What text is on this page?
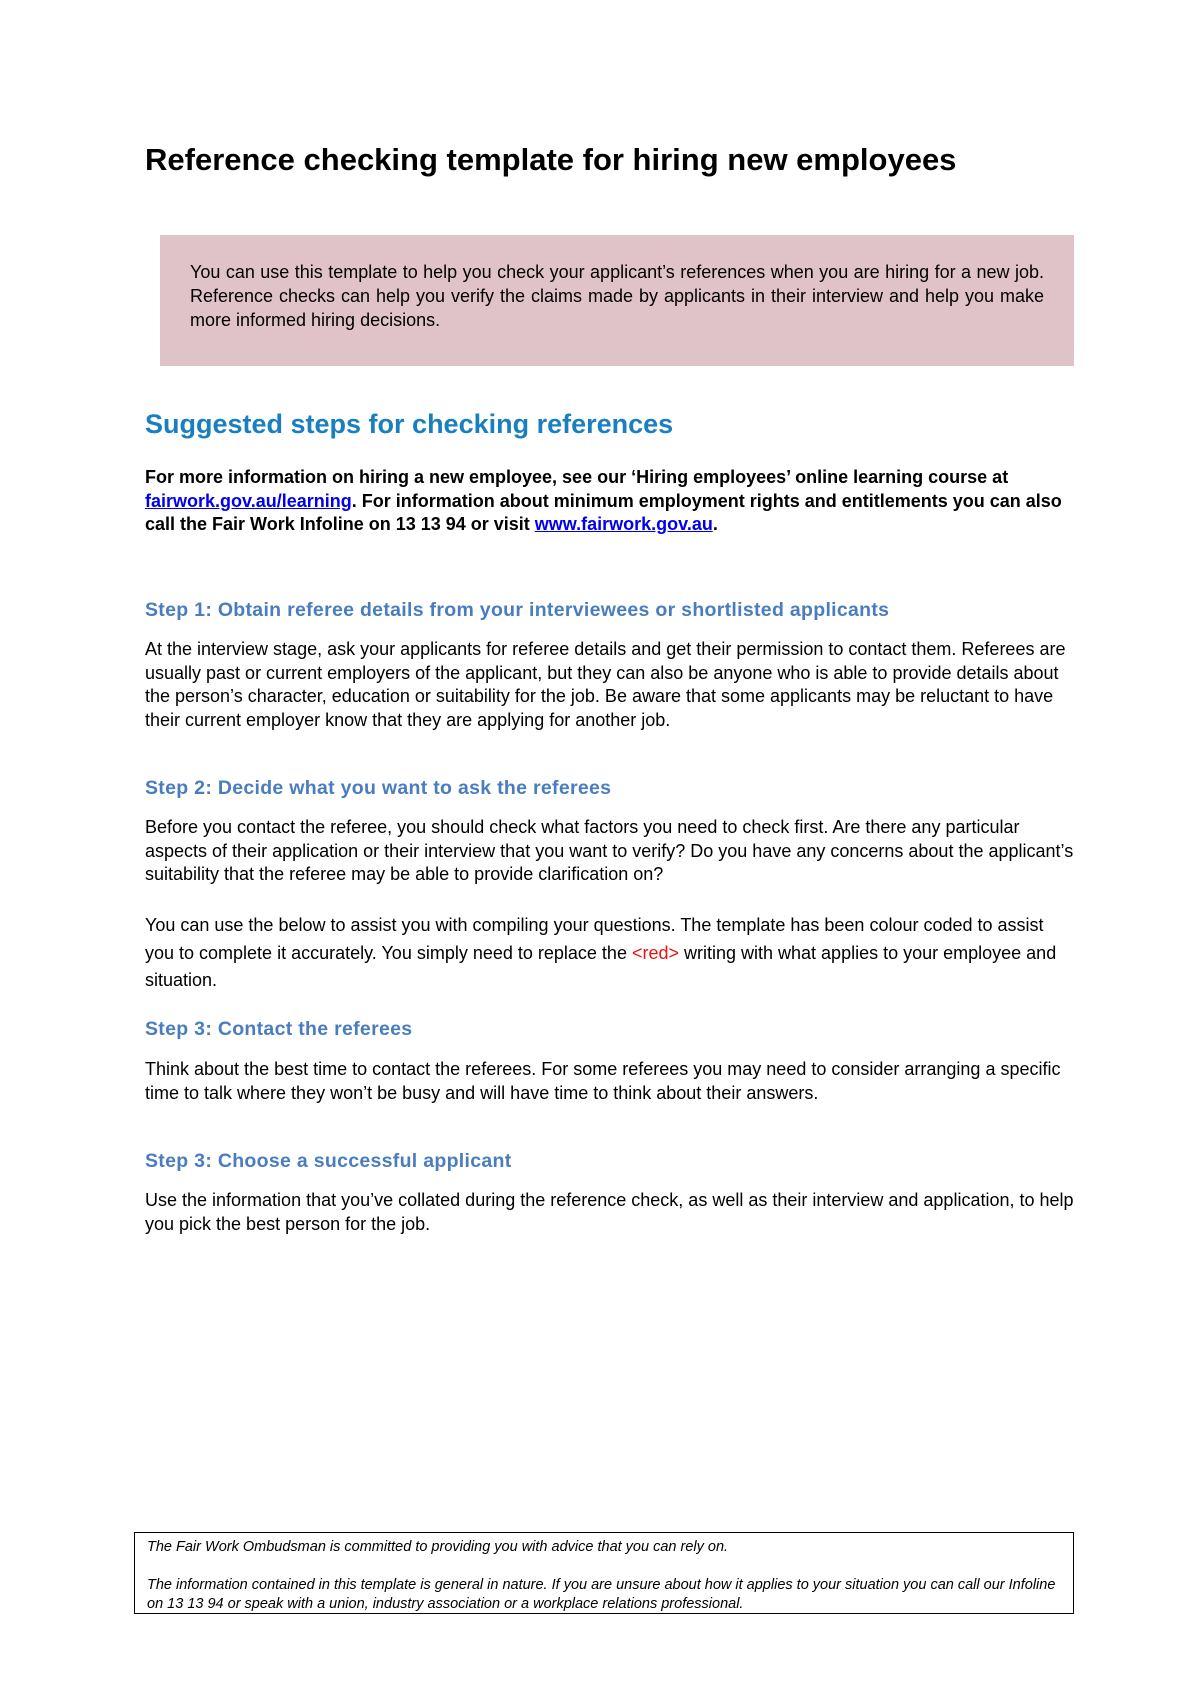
Reference checking template for hiring new employees

You can use this template to help you check your applicant’s references when you are hiring for a new job. Reference checks can help you verify the claims made by applicants in their interview and help you make more informed hiring decisions.

Suggested steps for checking references

For more information on hiring a new employee, see our ‘Hiring employees’ online learning course at fairwork.gov.au/learning. For information about minimum employment rights and entitlements you can also call the Fair Work Infoline on 13 13 94 or visit www.fairwork.gov.au.

Step 1: Obtain referee details from your interviewees or shortlisted applicants

At the interview stage, ask your applicants for referee details and get their permission to contact them. Referees are usually past or current employers of the applicant, but they can also be anyone who is able to provide details about the person’s character, education or suitability for the job. Be aware that some applicants may be reluctant to have their current employer know that they are applying for another job.

Step 2: Decide what you want to ask the referees

Before you contact the referee, you should check what factors you need to check first. Are there any particular aspects of their application or their interview that you want to verify? Do you have any concerns about the applicant’s suitability that the referee may be able to provide clarification on?

You can use the below to assist you with compiling your questions. The template has been colour coded to assist you to complete it accurately. You simply need to replace the <red> writing with what applies to your employee and situation.

Step 3: Contact the referees

Think about the best time to contact the referees. For some referees you may need to consider arranging a specific time to talk where they won’t be busy and will have time to think about their answers.

Step 3: Choose a successful applicant

Use the information that you’ve collated during the reference check, as well as their interview and application, to help you pick the best person for the job.

The Fair Work Ombudsman is committed to providing you with advice that you can rely on.

The information contained in this template is general in nature. If you are unsure about how it applies to your situation you can call our Infoline on 13 13 94 or speak with a union, industry association or a workplace relations professional.
